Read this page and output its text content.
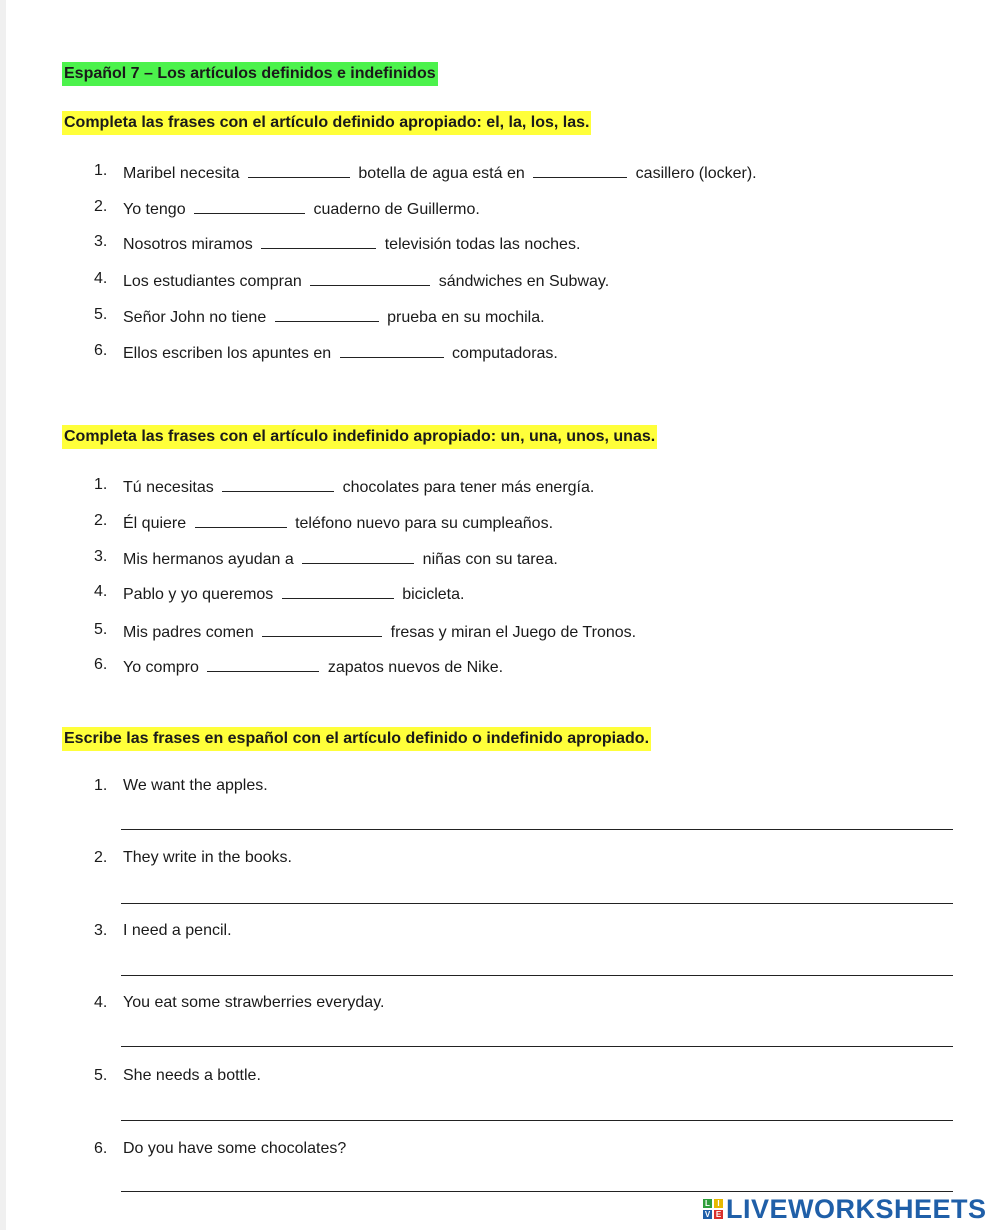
Español 7 – Los artículos definidos e indefinidos
Completa las frases con el artículo definido apropiado: el, la, los, las.
1. Maribel necesita	botella de agua está en	casillero (locker).
2. Yo tengo	cuaderno de Guillermo.
3. Nosotros miramos	televisión todas las noches.
4. Los estudiantes compran	sándwiches en Subway.
5. Señor John no tiene	prueba en su mochila.
6. Ellos escriben los apuntes en	computadoras.
Completa las frases con el artículo indefinido apropiado: un, una, unos, unas.
1. Tú necesitas	chocolates para tener más energía.
2. Él quiere	teléfono nuevo para su cumpleaños.
3. Mis hermanos ayudan a	niñas con su tarea.
4. Pablo y yo queremos	bicicleta.
5. Mis padres comen	fresas y miran el Juego de Tronos.
6. Yo compro	zapatos nuevos de Nike.
Escribe las frases en español con el artículo definido o indefinido apropiado.
1. We want the apples.
2. They write in the books.
3. I need a pencil.
4. You eat some strawberries everyday.
5. She needs a bottle.
6. Do you have some chocolates?
L I
V E LIVEWORKSHEETS
